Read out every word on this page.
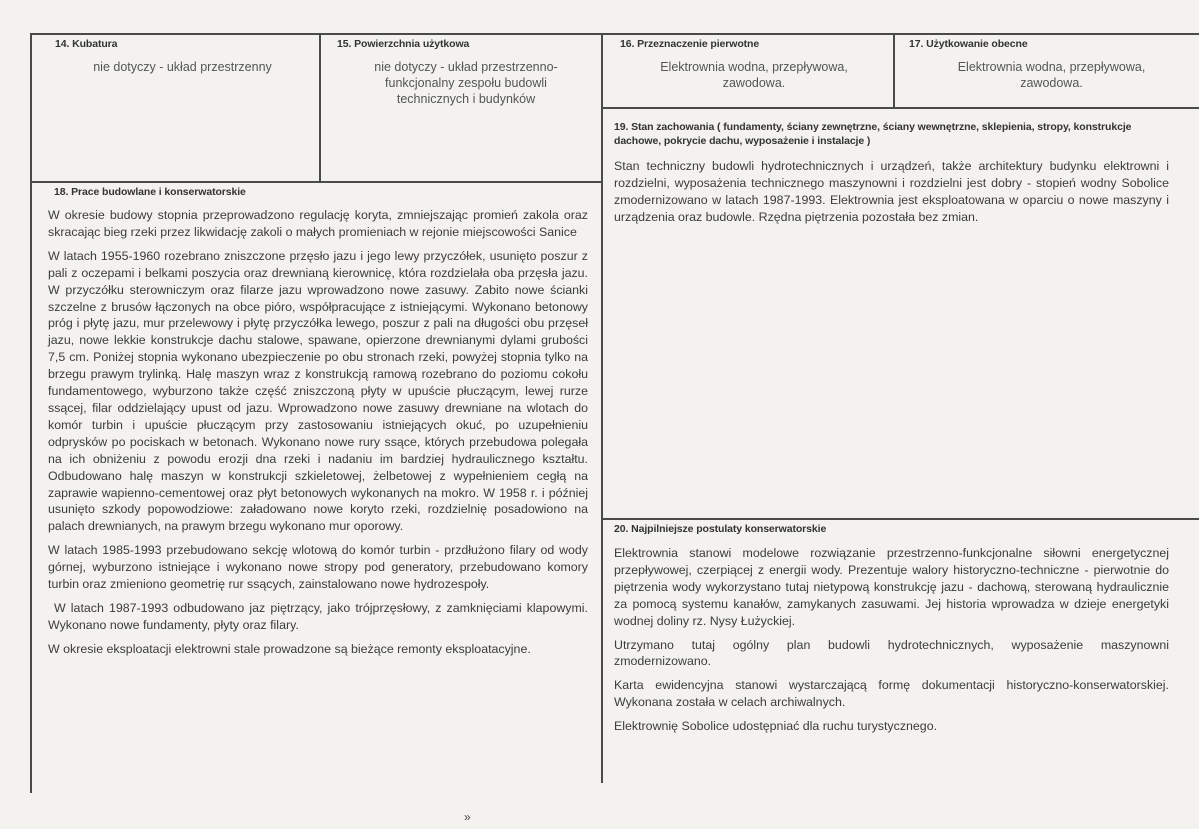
14. Kubatura
nie dotyczy - układ przestrzenny
15. Powierzchnia użytkowa
nie dotyczy - układ przestrzenno-funkcjonalny zespołu budowli technicznych i budynków
16. Przeznaczenie pierwotne
Elektrownia wodna, przepływowa, zawodowa.
17. Użytkowanie obecne
Elektrownia wodna, przepływowa, zawodowa.
18. Prace budowlane i konserwatorskie

W okresie budowy stopnia przeprowadzono regulację koryta, zmniejszając promień zakola oraz skracając bieg rzeki przez likwidację zakoli o małych promieniach w rejonie miejscowości Sanice

W latach 1955-1960 rozebrano zniszczone przęsło jazu i jego lewy przyczółek, usunięto poszur z pali z oczepami i belkami poszycia oraz drewnianą kierownicę, która rozdzielała oba przęsła jazu. W przyczółku sterowniczym oraz filarze jazu wprowadzono nowe zasuwy. Zabito nowe ścianki szczelne z brusów łączonych na obce pióro, współpracujące z istniejącymi. Wykonano betonowy próg i płytę jazu, mur przelewowy i płytę przyczółka lewego, poszur z pali na długości obu przęseł jazu, nowe lekkie konstrukcje dachu stalowe, spawane, opierzone drewnianymi dylami grubości 7,5 cm. Poniżej stopnia wykonano ubezpieczenie po obu stronach rzeki, powyżej stopnia tylko na brzegu prawym trylinką. Halę maszyn wraz z konstrukcją ramową rozebrano do poziomu cokołu fundamentowego, wyburzono także część zniszczoną płyty w upuście płuczącym, lewej rurze ssącej, filar oddzielający upust od jazu. Wprowadzono nowe zasuwy drewniane na wlotach do komór turbin i upuście płuczącym przy zastosowaniu istniejących okuć, po uzupełnieniu odprysków po pociskach w betonach. Wykonano nowe rury ssące, których przebudowa polegała na ich obniżeniu z powodu erozji dna rzeki i nadaniu im bardziej hydraulicznego kształtu. Odbudowano halę maszyn w konstrukcji szkieletowej, żelbetowej z wypełnieniem cegłą na zaprawie wapienno-cementowej oraz płyt betonowych wykonanych na mokro. W 1958 r. i później usunięto szkody popowodziowe: załadowano nowe koryto rzeki, rozdzielnię posadowiono na palach drewnianych, na prawym brzegu wykonano mur oporowy.

W latach 1985-1993 przebudowano sekcję wlotową do komór turbin - przdłużono filary od wody górnej, wyburzono istniejące i wykonano nowe stropy pod generatory, przebudowano komory turbin oraz zmieniono geometrię rur ssących, zainstalowano nowe hydrozespoły.

W latach 1987-1993 odbudowano jaz piętrzący, jako trójprzęsłowy, z zamknięciami klapowymi. Wykonano nowe fundamenty, płyty oraz filary.

W okresie eksploatacji elektrowni stale prowadzone są bieżące remonty eksploatacyjne.

19. Stan zachowania ( fundamenty, ściany zewnętrzne, ściany wewnętrzne, sklepienia, stropy, konstrukcje dachowe, pokrycie dachu, wyposażenie i instalacje )

Stan techniczny budowli hydrotechnicznych i urządzeń, także architektury budynku elektrowni i rozdzielni, wyposażenia technicznego maszynowni i rozdzielni jest dobry - stopień wodny Sobolice zmodernizowano w latach 1987-1993. Elektrownia jest eksploatowana w oparciu o nowe maszyny i urządzenia oraz budowle. Rzędna piętrzenia pozostała bez zmian.

20. Najpilniejsze postulaty konserwatorskie

Elektrownia stanowi modelowe rozwiązanie przestrzenno-funkcjonalne siłowni energetycznej przepływowej, czerpiącej z energii wody. Prezentuje walory historyczno-techniczne - pierwotnie do piętrzenia wody wykorzystano tutaj nietypową konstrukcję jazu - dachową, sterowaną hydraulicznie za pomocą systemu kanałów, zamykanych zasuwami. Jej historia wprowadza w dzieje energetyki wodnej doliny rz. Nysy Łużyckiej.

Utrzymano tutaj ogólny plan budowli hydrotechnicznych, wyposażenie maszynowni zmodernizowano.

Karta ewidencyjna stanowi wystarczającą formę dokumentacji historyczno-konserwatorskiej. Wykonana została w celach archiwalnych.

Elektrownię Sobolice udostępniać dla ruchu turystycznego.

»
